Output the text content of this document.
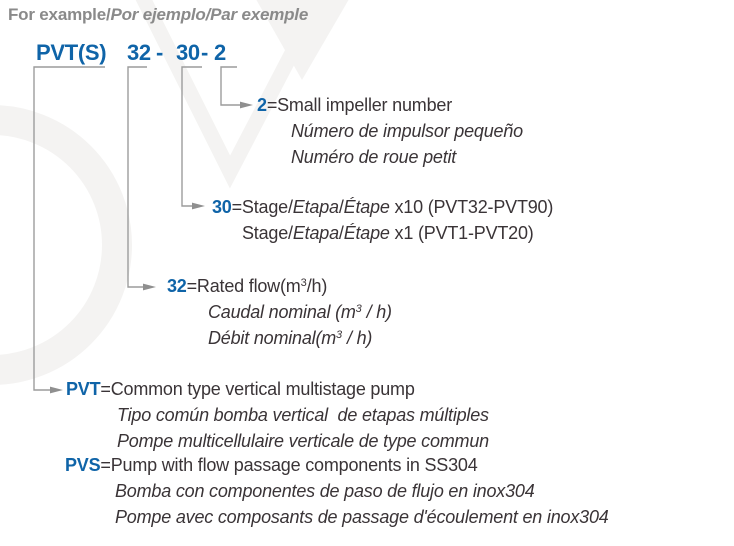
For example/Por ejemplo/Par exemple
PVT(S) 32 - 30 - 2
2=Small impeller number
Número de impulsor pequeño
Numéro de roue petit
30=Stage/Etapa/Étape x10 (PVT32-PVT90)
Stage/Etapa/Étape x1 (PVT1-PVT20)
32=Rated $flow(m^3/h)$
Caudal nominal $(m^3 / h)$
Débit $nominal(m^3 / h)$
PVT=Common type vertical multistage pump
Tipo común bomba vertical  de etapas múltiples
Pompe multicellulaire verticale de type commun
PVS=Pump with flow passage components in SS304
Bomba con componentes de paso de flujo en inox304
Pompe avec composants de passage d'écoulement en inox304
